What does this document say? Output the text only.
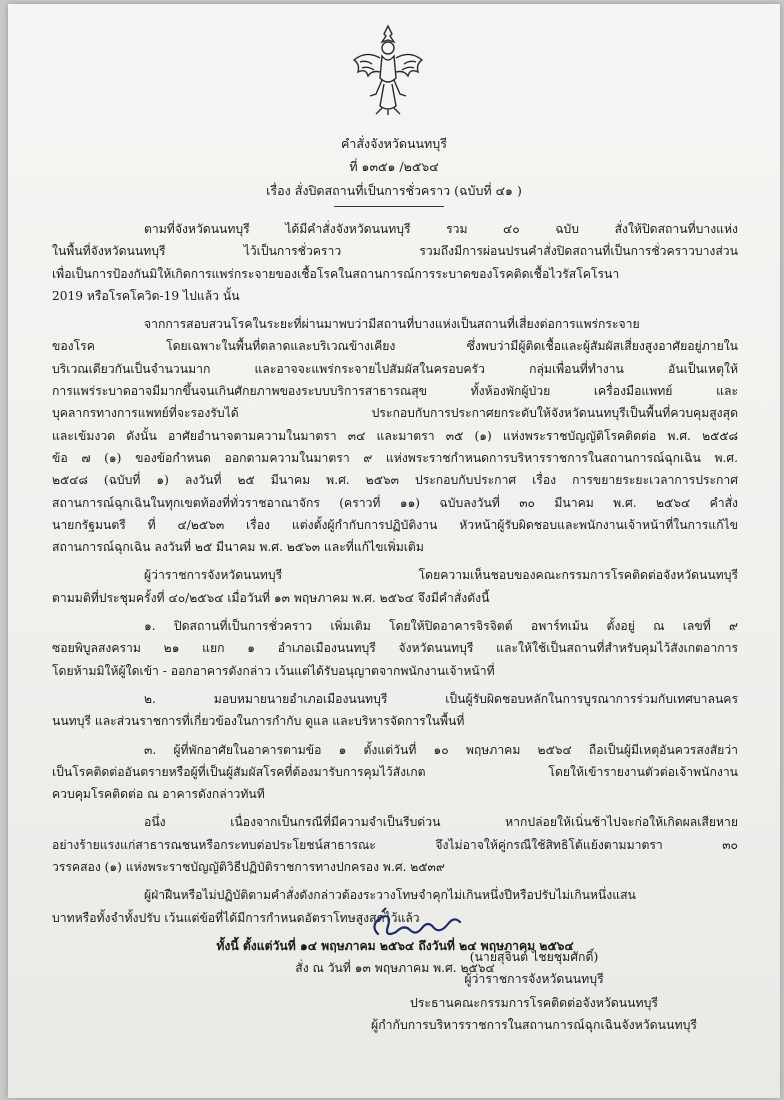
คำสั่งจังหวัดนนทบุรี
ที่ ๑๓๕๑ /๒๕๖๔
เรื่อง สั่งปิดสถานที่เป็นการชั่วคราว (ฉบับที่ ๔๑ )

ตามที่จังหวัดนนทบุรี ได้มีคำสั่งจังหวัดนนทบุรี รวม ๔๐ ฉบับ สั่งให้ปิดสถานที่บางแห่ง

ในพื้นที่จังหวัดนนทบุรี ไว้เป็นการชั่วคราว รวมถึงมีการผ่อนปรนคำสั่งปิดสถานที่เป็นการชั่วคราวบางส่วน

เพื่อเป็นการป้องกันมิให้เกิดการแพร่กระจายของเชื้อโรคในสถานการณ์การระบาดของโรคติดเชื้อไวรัสโคโรนา

2019 หรือโรคโควิด-19 ไปแล้ว นั้น

จากการสอบสวนโรคในระยะที่ผ่านมาพบว่ามีสถานที่บางแห่งเป็นสถานที่เสี่ยงต่อการแพร่กระจาย

ของโรค โดยเฉพาะในพื้นที่ตลาดและบริเวณข้างเคียง ซึ่งพบว่ามีผู้ติดเชื้อและผู้สัมผัสเสี่ยงสูงอาศัยอยู่ภายใน

บริเวณเดียวกันเป็นจำนวนมาก และอาจจะแพร่กระจายไปสัมผัสในครอบครัว กลุ่มเพื่อนที่ทำงาน อันเป็นเหตุให้

การแพร่ระบาดอาจมีมากขึ้นจนเกินศักยภาพของระบบบริการสาธารณสุข ทั้งห้องพักผู้ป่วย เครื่องมือแพทย์ และ

บุคลากรทางการแพทย์ที่จะรองรับได้ ประกอบกับการประกาศยกระดับให้จังหวัดนนทบุรีเป็นพื้นที่ควบคุมสูงสุด

และเข้มงวด ดังนั้น อาศัยอำนาจตามความในมาตรา ๓๔ และมาตรา ๓๕ (๑) แห่งพระราชบัญญัติโรคติดต่อ พ.ศ. ๒๕๕๘

ข้อ ๗ (๑) ของข้อกำหนด ออกตามความในมาตรา ๙ แห่งพระราชกำหนดการบริหารราชการในสถานการณ์ฉุกเฉิน พ.ศ.

๒๕๔๘ (ฉบับที่ ๑) ลงวันที่ ๒๕ มีนาคม พ.ศ. ๒๕๖๓ ประกอบกับประกาศ เรื่อง การขยายระยะเวลาการประกาศ

สถานการณ์ฉุกเฉินในทุกเขตท้องที่ทั่วราชอาณาจักร (คราวที่ ๑๑) ฉบับลงวันที่ ๓๐ มีนาคม พ.ศ. ๒๕๖๔ คำสั่ง

นายกรัฐมนตรี ที่ ๔/๒๕๖๓ เรื่อง แต่งตั้งผู้กำกับการปฏิบัติงาน หัวหน้าผู้รับผิดชอบและพนักงานเจ้าหน้าที่ในการแก้ไข

สถานการณ์ฉุกเฉิน ลงวันที่ ๒๕ มีนาคม พ.ศ. ๒๕๖๓ และที่แก้ไขเพิ่มเติม

ผู้ว่าราชการจังหวัดนนทบุรี โดยความเห็นชอบของคณะกรรมการโรคติดต่อจังหวัดนนทบุรี

ตามมติที่ประชุมครั้งที่ ๔๐/๒๕๖๔ เมื่อวันที่ ๑๓ พฤษภาคม พ.ศ. ๒๕๖๔ จึงมีคำสั่งดังนี้

๑. ปิดสถานที่เป็นการชั่วคราว เพิ่มเติม โดยให้ปิดอาคารจิรจิตต์ อพาร์ทเม้น ตั้งอยู่ ณ เลขที่ ๙

ซอยพิบูลสงคราม ๒๑ แยก ๑ อำเภอเมืองนนทบุรี จังหวัดนนทบุรี และให้ใช้เป็นสถานที่สำหรับคุมไว้สังเกตอาการ

โดยห้ามมิให้ผู้ใดเข้า - ออกอาคารดังกล่าว เว้นแต่ได้รับอนุญาตจากพนักงานเจ้าหน้าที่

๒. มอบหมายนายอำเภอเมืองนนทบุรี เป็นผู้รับผิดชอบหลักในการบูรณาการร่วมกับเทศบาลนคร

นนทบุรี และส่วนราชการที่เกี่ยวข้องในการกำกับ ดูแล และบริหารจัดการในพื้นที่

๓. ผู้ที่พักอาศัยในอาคารตามข้อ ๑ ตั้งแต่วันที่ ๑๐ พฤษภาคม ๒๕๖๔ ถือเป็นผู้มีเหตุอันควรสงสัยว่า

เป็นโรคติดต่ออันตรายหรือผู้ที่เป็นผู้สัมผัสโรคที่ต้องมารับการคุมไว้สังเกต โดยให้เข้ารายงานตัวต่อเจ้าพนักงาน

ควบคุมโรคติดต่อ ณ อาคารดังกล่าวทันที

อนึ่ง เนื่องจากเป็นกรณีที่มีความจำเป็นรีบด่วน หากปล่อยให้เนิ่นช้าไปจะก่อให้เกิดผลเสียหาย

อย่างร้ายแรงแก่สาธารณชนหรือกระทบต่อประโยชน์สาธารณะ จึงไม่อาจให้คู่กรณีใช้สิทธิโต้แย้งตามมาตรา ๓๐

วรรคสอง (๑) แห่งพระราชบัญญัติวิธีปฏิบัติราชการทางปกครอง พ.ศ. ๒๕๓๙

ผู้ฝ่าฝืนหรือไม่ปฏิบัติตามคำสั่งดังกล่าวต้องระวางโทษจำคุกไม่เกินหนึ่งปีหรือปรับไม่เกินหนึ่งแสน

บาทหรือทั้งจำทั้งปรับ เว้นแต่ข้อที่ได้มีการกำหนดอัตราโทษสูงสุดไว้แล้ว

ทั้งนี้ ตั้งแต่วันที่ ๑๔ พฤษภาคม ๒๕๖๔ ถึงวันที่ ๒๔ พฤษภาคม ๒๕๖๔

สั่ง ณ วันที่ ๑๓ พฤษภาคม พ.ศ. ๒๕๖๔

(นายสุจินต์ ไชยชุมศักดิ์)
ผู้ว่าราชการจังหวัดนนทบุรี
ประธานคณะกรรมการโรคติดต่อจังหวัดนนทบุรี
ผู้กำกับการบริหารราชการในสถานการณ์ฉุกเฉินจังหวัดนนทบุรี
